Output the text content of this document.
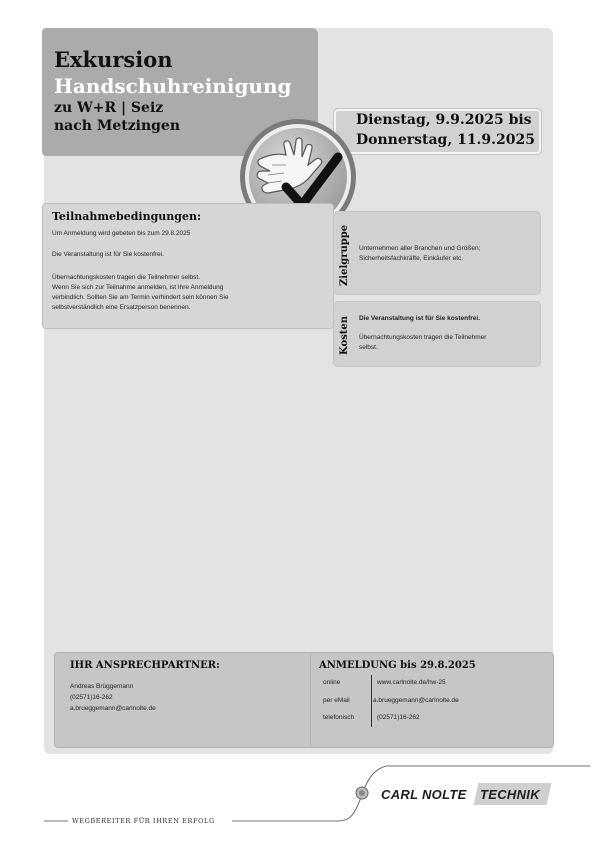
Exkursion
Handschuhreinigung
zu W+R | Seiz
nach Metzingen	Dienstag, 9.9.2025 bis
Donnerstag, 11.9.2025
Teilnahmebedingungen:
Um Anmeldung wird gebeten bis zum 29.8.2025
Die Veranstaltung ist für Sie kostenfrei.
Übernachtungskosten tragen die Teilnehmer selbst.
Wenn Sie sich zur Teilnahme anmelden, ist Ihre Anmeldung
verbindlich. Sollten Sie am Termin verhindert sein können Sie
selbstverständlich eine Ersatzperson benennen.
Zielgruppe Unternehmen aller Branchen und Größen;
Sicherheitsfachkräfte, Einkäufer etc.
Kosten Die Veranstaltung ist für Sie kostenfrei.
Übernachtungskosten tragen die Teilnehmer
selbst.
IHR ANSPRECHPARTNER:
Andreas Brüggemann
(02571)16-262
a.brueggemann@carlnolte.de
ANMELDUNG bis 29.8.2025
online	www.carlnolte.de/hw-25
per eMail	a.brueggemann@carlnolte.de
telefonisch	(02571)16-262
CARL NOLTE TECHNIK
WEGBEREITER FÜR IHREN ERFOLG
